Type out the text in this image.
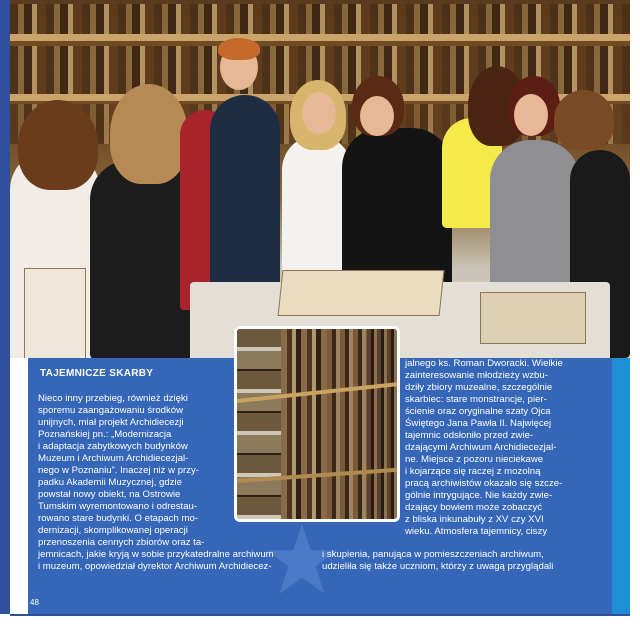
TAJEMNICZE SKARBY
Nieco inny przebieg, również dzięki
sporemu zaangażowaniu środków
unijnych, miał projekt Archidiecezji
Poznańskiej pn.: „Modernizacja
i adaptacja zabytkowych budynków
Muzeum i Archiwum Archidiecezjal-
nego w Poznaniu”. Inaczej niż w przy-
padku Akademii Muzycznej, gdzie
powstał nowy obiekt, na Ostrowie
Tumskim wyremontowano i odrestau-
rowano stare budynki. O etapach mo-
dernizacji, skomplikowanej operacji
przenoszenia cennych zbiorów oraz ta-
jemnicach, jakie kryją w sobie przykatedralne archiwum
i muzeum, opowiedział dyrektor Archiwum Archidiecez-
jalnego ks. Roman Dworacki. Wielkie
zainteresowanie młodzieży wzbu-
dziły zbiory muzealne, szczególnie
skarbiec: stare monstrancje, pier-
ścienie oraz oryginalne szaty Ojca
Świętego Jana Pawła II. Najwięcej
tajemnic odsłoniło przed zwie-
dzającymi Archiwum Archidiecezjal-
ne. Miejsce z pozoru nieciekawe
i kojarzące się raczej z mozolną
pracą archiwistów okazało się szcze-
gólnie intrygujące. Nie każdy zwie-
dzający bowiem może zobaczyć
z bliska inkunabuły z XV czy XVI
wieku. Atmosfera tajemnicy, ciszy
i skupienia, panująca w pomieszczeniach archiwum,
udzieliła się także uczniom, którzy z uwagą przyglądali
48
